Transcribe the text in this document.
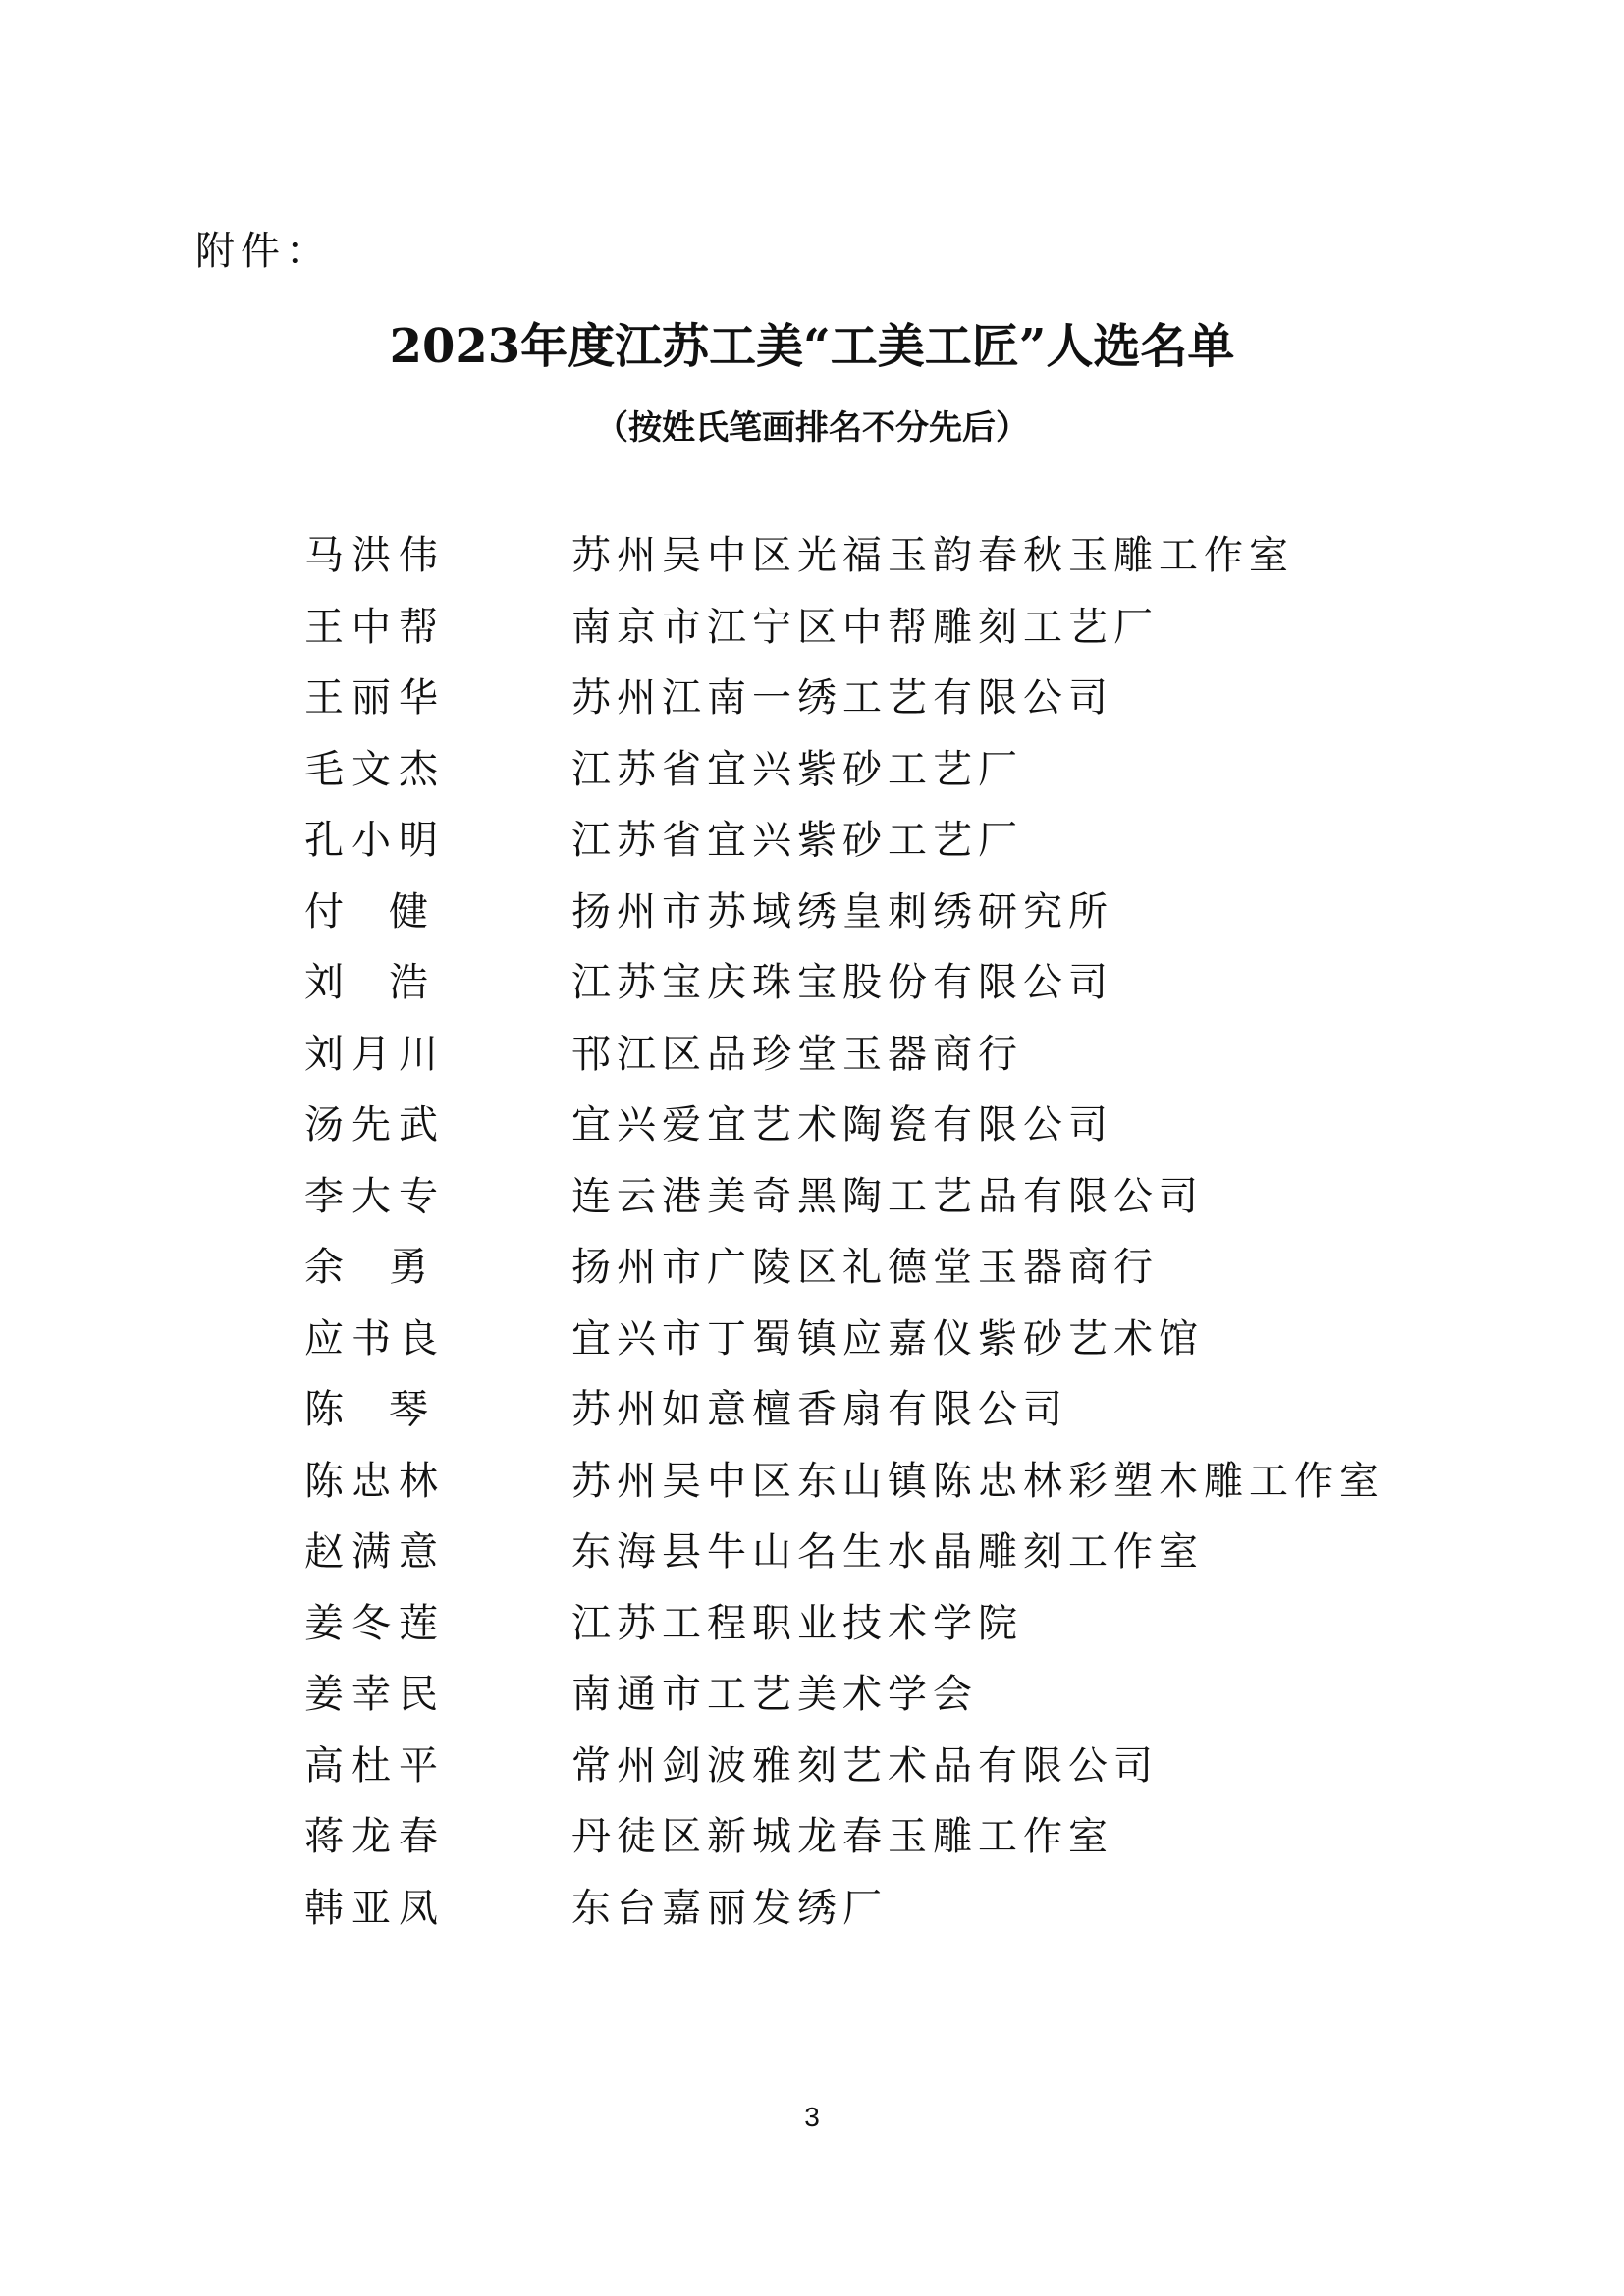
附件：
2023年度江苏工美“工美工匠”人选名单
（按姓氏笔画排名不分先后）
马洪伟	苏州吴中区光福玉韵春秋玉雕工作室
王中帮	南京市江宁区中帮雕刻工艺厂
王丽华	苏州江南一绣工艺有限公司
毛文杰	江苏省宜兴紫砂工艺厂
孔小明	江苏省宜兴紫砂工艺厂
付健	扬州市苏域绣皇刺绣研究所
刘浩	江苏宝庆珠宝股份有限公司
刘月川	邗江区品珍堂玉器商行
汤先武	宜兴爱宜艺术陶瓷有限公司
李大专	连云港美奇黑陶工艺品有限公司
余勇	扬州市广陵区礼德堂玉器商行
应书良	宜兴市丁蜀镇应嘉仪紫砂艺术馆
陈琴	苏州如意檀香扇有限公司
陈忠林	苏州吴中区东山镇陈忠林彩塑木雕工作室
赵满意	东海县牛山名生水晶雕刻工作室
姜冬莲	江苏工程职业技术学院
姜幸民	南通市工艺美术学会
高杜平	常州剑波雅刻艺术品有限公司
蒋龙春	丹徒区新城龙春玉雕工作室
韩亚凤	东台嘉丽发绣厂
3
